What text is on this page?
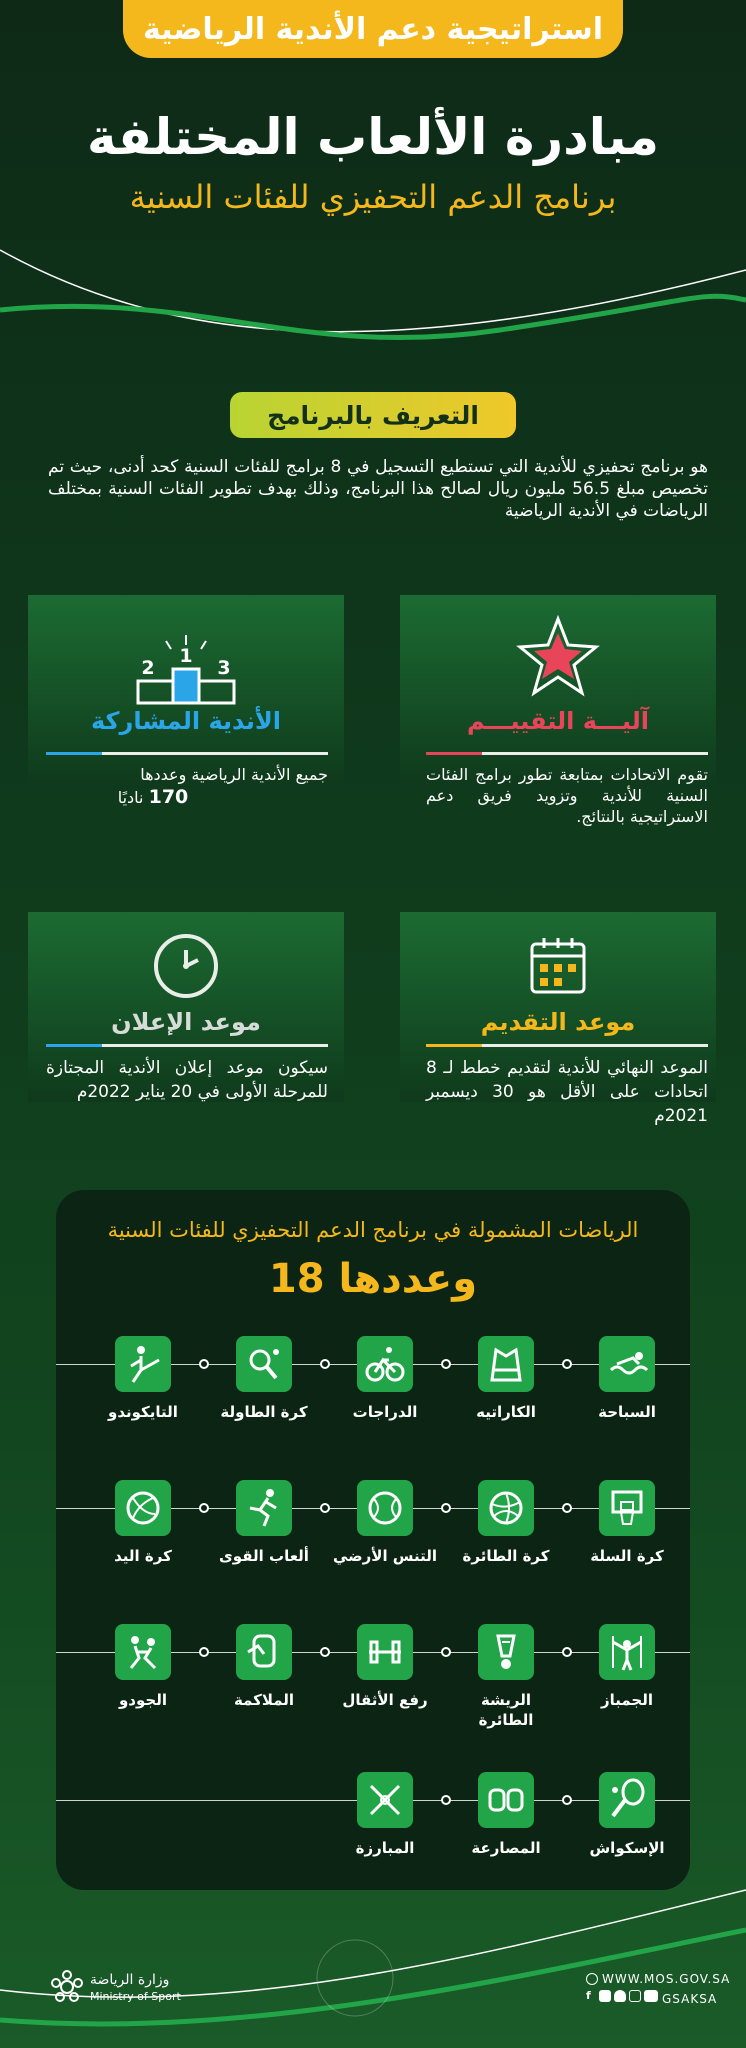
استراتيجية دعم الأندية الرياضية
مبادرة الألعاب المختلفة
برنامج الدعم التحفيزي للفئات السنية
التعريف بالبرنامج
هو برنامج تحفيزي للأندية التي تستطيع التسجيل في 8 برامج للفئات السنية كحد أدنى، حيث تم تخصيص مبلغ 56.5 مليون ريال لصالح هذا البرنامج، وذلك بهدف تطوير الفئات السنية بمختلف الرياضات في الأندية الرياضية
آليـــة التقييـــم
تقوم الاتحادات بمتابعة تطور برامج الفئات السنية للأندية وتزويد فريق دعم الاستراتيجية بالنتائج.
2
1
3
الأندية المشاركة
جميع الأندية الرياضية وعددها
170 ناديًا
موعد التقديم
الموعد النهائي للأندية لتقديم خطط لـ 8 اتحادات على الأقل هو 30 ديسمبر 2021م
موعد الإعلان
سيكون موعد إعلان الأندية المجتازة للمرحلة الأولى في 20 يناير 2022م
الرياضات المشمولة في برنامج الدعم التحفيزي للفئات السنية
وعددها 18
السباحة
الكاراتيه
الدراجات
كرة الطاولة
التايكوندو
كرة السلة
كرة الطائرة
التنس الأرضي
ألعاب القوى
كرة اليد
الجمباز
الريشة الطائرة
رفع الأثقال
الملاكمة
الجودو
الإسكواش
المصارعة
المبارزة
وزارة الرياضة
Ministry of Sport
WWW.MOS.GOV.SA
f	GSAKSA
